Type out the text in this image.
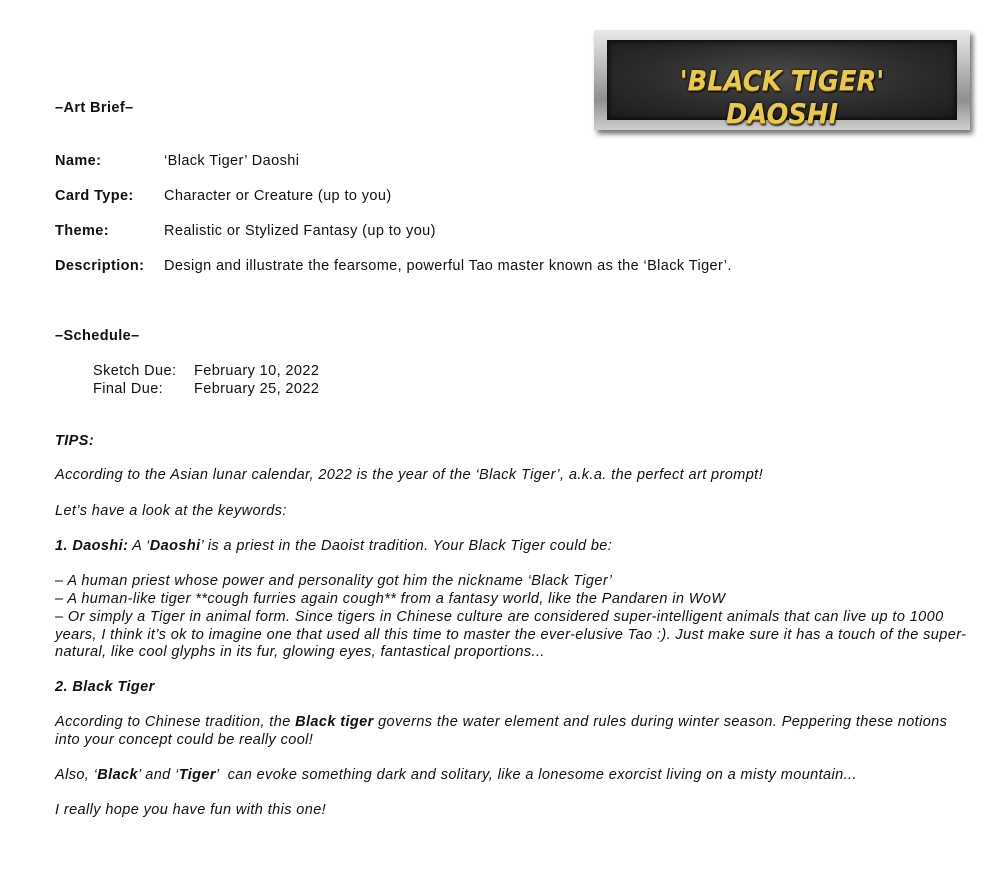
'BLACK TIGER' DAOSHI
–Art Brief–
Name:	‘Black Tiger’ Daoshi
Card Type: Character or Creature (up to you)
Theme:	Realistic or Stylized Fantasy (up to you)
Description: Design and illustrate the fearsome, powerful Tao master known as the ‘Black Tiger’.
–Schedule–
Sketch Due: February 10, 2022
Final Due: February 25, 2022
TIPS:
According to the Asian lunar calendar, 2022 is the year of the ‘Black Tiger’, a.k.a. the perfect art prompt!
Let’s have a look at the keywords:
1. Daoshi: A ‘Daoshi’ is a priest in the Daoist tradition. Your Black Tiger could be:
– A human priest whose power and personality got him the nickname ‘Black Tiger’
– A human-like tiger **cough furries again cough** from a fantasy world, like the Pandaren in WoW
– Or simply a Tiger in animal form. Since tigers in Chinese culture are considered super-intelligent animals that can live up to 1000 years, I think it’s ok to imagine one that used all this time to master the ever-elusive Tao :). Just make sure it has a touch of the super-natural, like cool glyphs in its fur, glowing eyes, fantastical proportions...
2. Black Tiger
According to Chinese tradition, the Black tiger governs the water element and rules during winter season. Peppering these notions into your concept could be really cool!
Also, ‘Black’ and ‘Tiger’  can evoke something dark and solitary, like a lonesome exorcist living on a misty mountain...
I really hope you have fun with this one!
